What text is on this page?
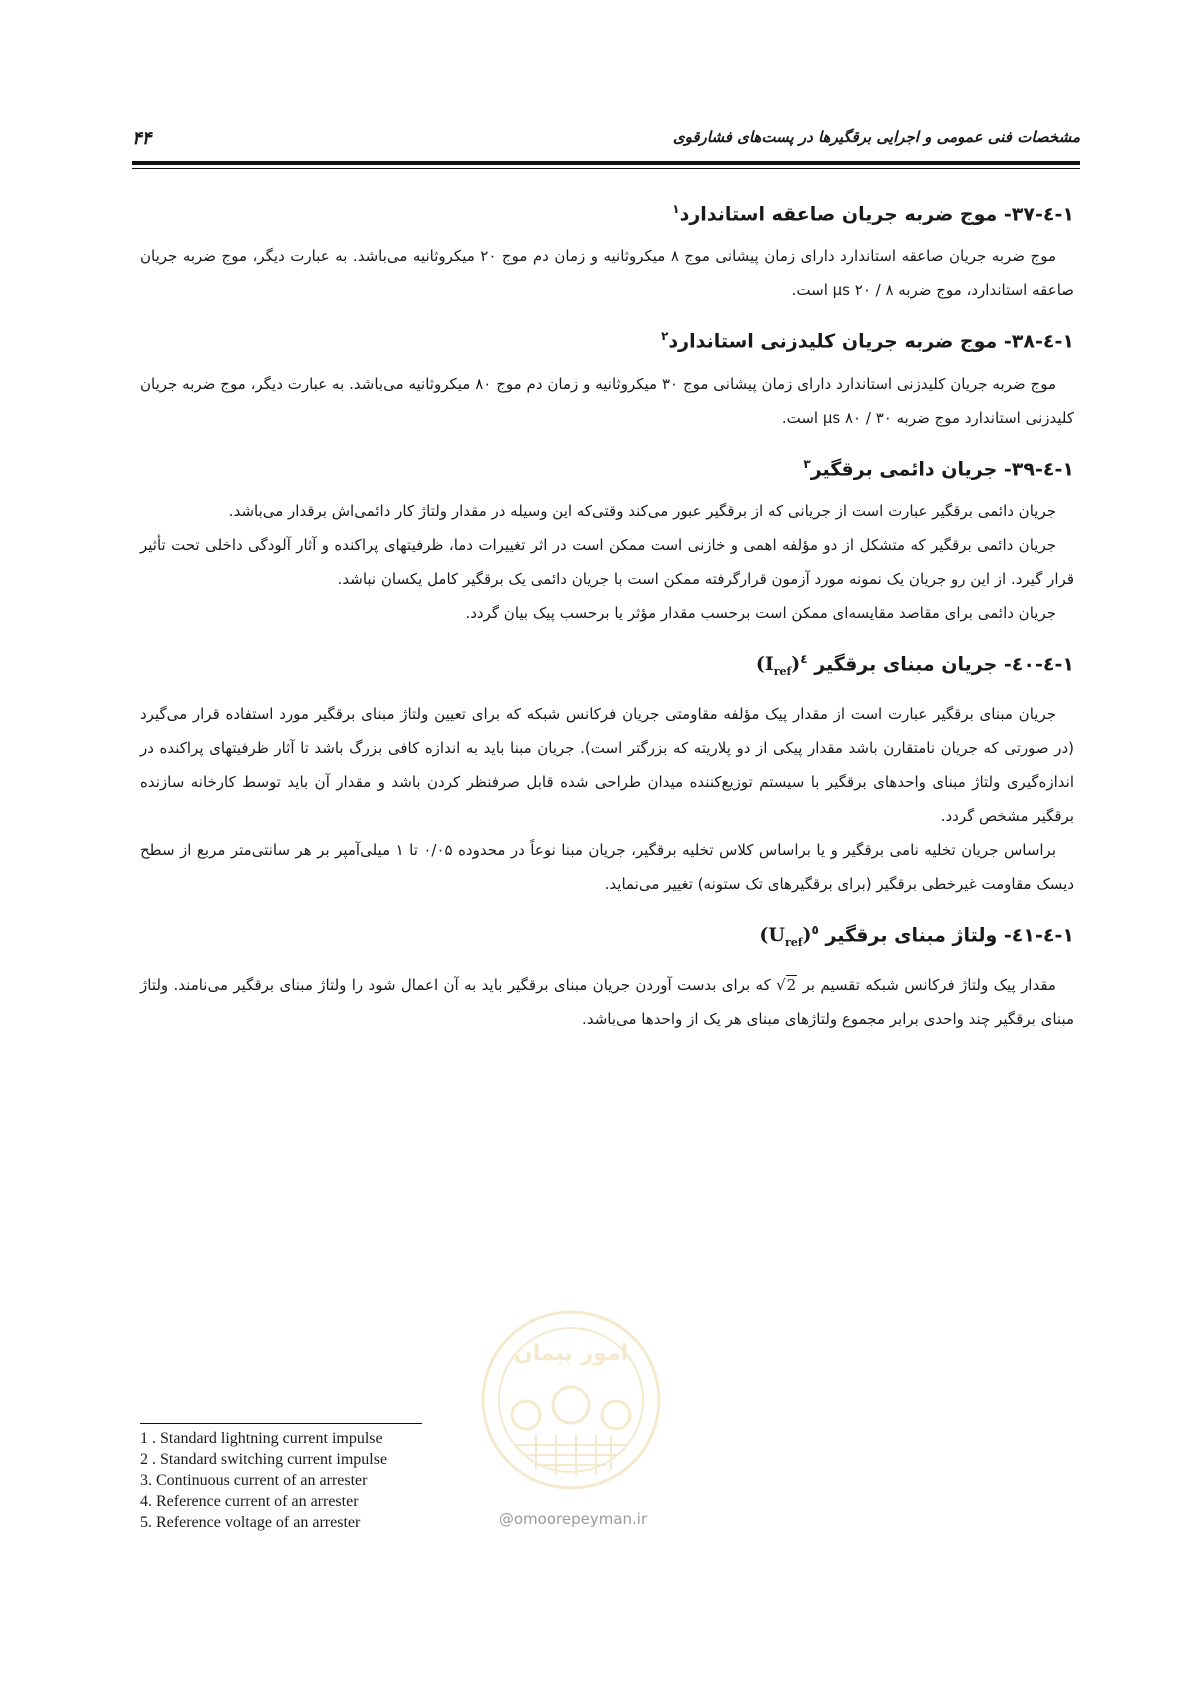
۴۴	مشخصات فنی عمومی و اجرایی برقگیرها در پست‌های فشارقوی
۱-٤-۳۷- موج ضربه جریان صاعقه استاندارد$^۱$

موج ضربه جریان صاعقه استاندارد دارای زمان پیشانی موج ۸ میکروثانیه و زمان دم موج ۲۰ میکروثانیه می‌باشد. به عبارت دیگر، موج ضربه جریان صاعقه استاندارد، موج ضربه μs ۲۰ / ۸ است.

۱-٤-۳۸- موج ضربه جریان کلیدزنی استاندارد$^۲$

موج ضربه جریان کلیدزنی استاندارد دارای زمان پیشانی موج ۳۰ میکروثانیه و زمان دم موج ۸۰ میکروثانیه می‌باشد. به عبارت دیگر، موج ضربه جریان کلیدزنی استاندارد موج ضربه μs ۸۰ / ۳۰ است.

۱-٤-۳۹- جریان دائمی برقگیر$^۳$

جریان دائمی برقگیر عبارت است از جریانی که از برقگیر عبور می‌کند وقتی‌که این وسیله در مقدار ولتاژ کار دائمی‌اش برقدار می‌باشد.

جریان دائمی برقگیر که متشکل از دو مؤلفه اهمی و خازنی است ممکن است در اثر تغییرات دما، ظرفیتهای پراکنده و آثار آلودگی داخلی تحت تأثیر قرار گیرد. از این رو جریان یک نمونه مورد آزمون قرارگرفته ممکن است با جریان دائمی یک برقگیر کامل یکسان نباشد.

جریان دائمی برای مقاصد مقایسه‌ای ممکن است برحسب مقدار مؤثر یا برحسب پیک بیان گردد.

۱-٤-٤۰- جریان مبنای برقگیر $(I_{ref})^٤$

جریان مبنای برقگیر عبارت است از مقدار پیک مؤلفه مقاومتی جریان فرکانس شبکه که برای تعیین ولتاژ مبنای برقگیر مورد استفاده قرار می‌گیرد (در صورتی که جریان نامتقارن باشد مقدار پیکی از دو پلاریته که بزرگتر است). جریان مبنا باید به اندازه کافی بزرگ باشد تا آثار ظرفیتهای پراکنده در اندازه‌گیری ولتاژ مبنای واحدهای برقگیر با سیستم توزیع‌کننده میدان طراحی شده قابل صرفنظر کردن باشد و مقدار آن باید توسط کارخانه سازنده برقگیر مشخص گردد.

براساس جریان تخلیه نامی برقگیر و یا براساس کلاس تخلیه برقگیر، جریان مبنا نوعاً در محدوده ۰/۰۵ تا ۱ میلی‌آمپر بر هر سانتی‌متر مربع از سطح دیسک مقاومت غیرخطی برقگیر (برای برقگیرهای تک ستونه) تغییر می‌نماید.

۱-٤-٤۱- ولتاژ مبنای برقگیر $(U_{ref})^٥$

مقدار پیک ولتاژ فرکانس شبکه تقسیم بر √2 که برای بدست آوردن جریان مبنای برقگیر باید به آن اعمال شود را ولتاژ مبنای برقگیر می‌نامند. ولتاژ مبنای برقگیر چند واحدی برابر مجموع ولتاژهای مبنای هر یک از واحدها می‌باشد.

1 . Standard lightning current impulse
2 . Standard switching current impulse
3. Continuous current of an arrester
4. Reference current of an arrester
5. Reference voltage of an arrester
امور پیمان
@omoorepeyman.ir
